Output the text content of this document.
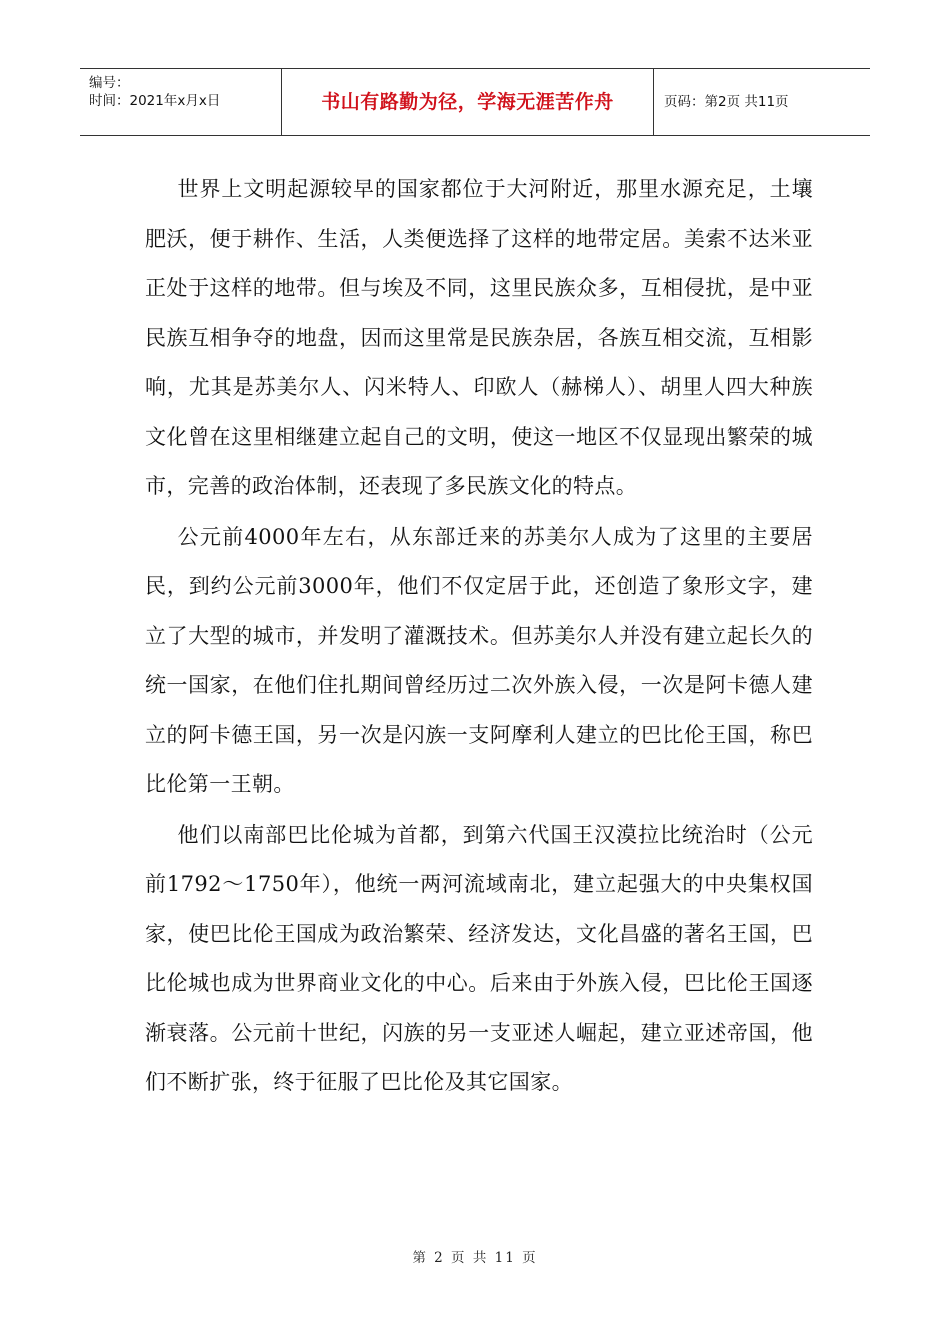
编号：
时间：2021年x月x日	书山有路勤为径，学海无涯苦作舟	页码：第2页 共11页

世界上文明起源较早的国家都位于大河附近，那里水源充足，土壤肥沃，便于耕作、生活，人类便选择了这样的地带定居。美索不达米亚正处于这样的地带。但与埃及不同，这里民族众多，互相侵扰，是中亚民族互相争夺的地盘，因而这里常是民族杂居，各族互相交流，互相影响，尤其是苏美尔人、闪米特人、印欧人（赫梯人）、胡里人四大种族文化曾在这里相继建立起自己的文明，使这一地区不仅显现出繁荣的城市，完善的政治体制，还表现了多民族文化的特点。

公元前4000年左右，从东部迁来的苏美尔人成为了这里的主要居民，到约公元前3000年，他们不仅定居于此，还创造了象形文字，建立了大型的城市，并发明了灌溉技术。但苏美尔人并没有建立起长久的统一国家，在他们住扎期间曾经历过二次外族入侵，一次是阿卡德人建立的阿卡德王国，另一次是闪族一支阿摩利人建立的巴比伦王国，称巴比伦第一王朝。

他们以南部巴比伦城为首都，到第六代国王汉漠拉比统治时（公元前1792～1750年），他统一两河流域南北，建立起强大的中央集权国家，使巴比伦王国成为政治繁荣、经济发达，文化昌盛的著名王国，巴比伦城也成为世界商业文化的中心。后来由于外族入侵，巴比伦王国逐渐衰落。公元前十世纪，闪族的另一支亚述人崛起，建立亚述帝国，他们不断扩张，终于征服了巴比伦及其它国家。

第 2 页 共 11 页
